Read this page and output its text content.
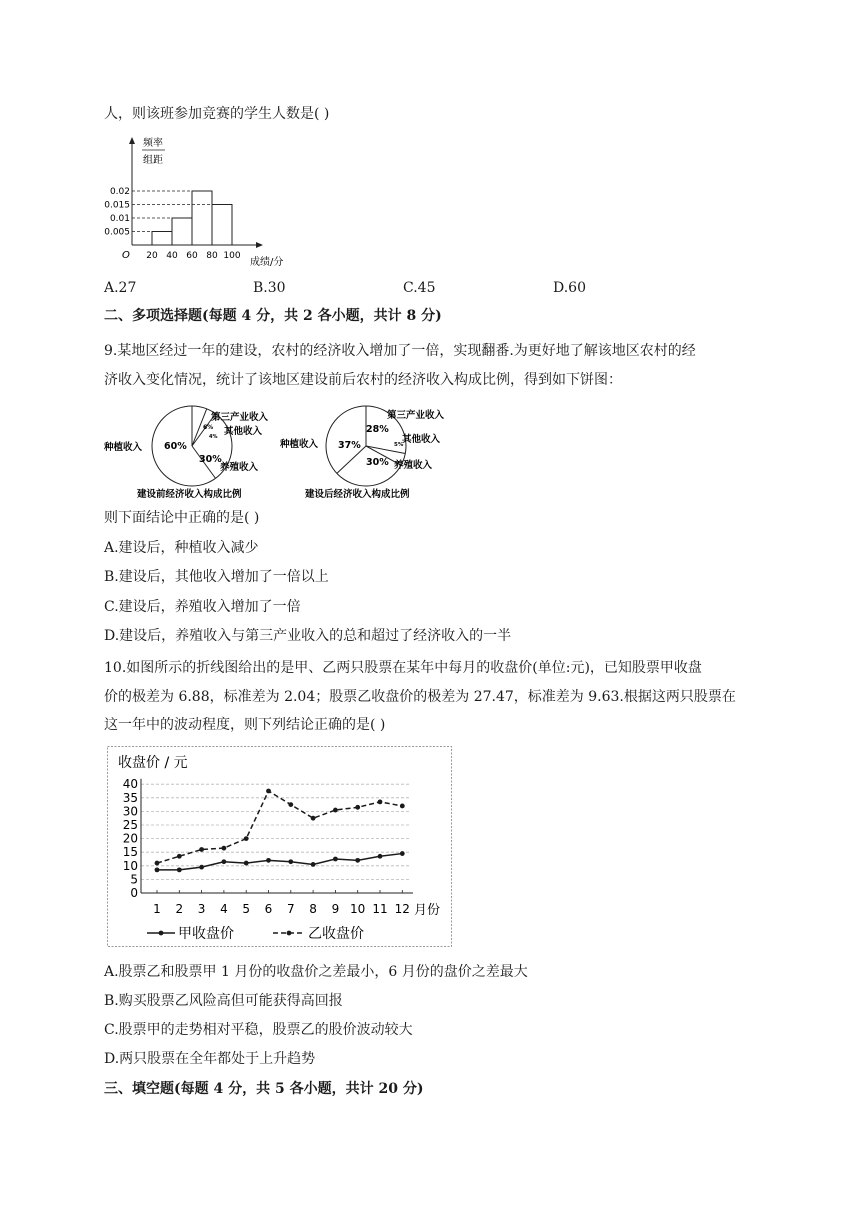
人，则该班参加竞赛的学生人数是( )
频率
组距
O
0.02
0.015
0.01
0.005
20 40 60 80 100
成绩/分
A.27	B.30	C.45	D.60
二、多项选择题(每题 4 分，共 2 各小题，共计 8 分)
9.某地区经过一年的建设，农村的经济收入增加了一倍，实现翻番.为更好地了解该地区农村的经
济收入变化情况，统计了该地区建设前后农村的经济收入构成比例，得到如下饼图：
种植收入 60%
第三产业收入
6% 其他收入
4%
30%
养殖收入
建设前经济收入构成比例
种植收入 37%
第三产业收入
28%
其他收入
5%
30% 养殖收入
建设后经济收入构成比例
则下面结论中正确的是( )
A.建设后，种植收入减少
B.建设后，其他收入增加了一倍以上
C.建设后，养殖收入增加了一倍
D.建设后，养殖收入与第三产业收入的总和超过了经济收入的一半
10.如图所示的折线图给出的是甲、乙两只股票在某年中每月的收盘价(单位:元)，已知股票甲收盘
价的极差为 6.88，标准差为 2.04；股票乙收盘价的极差为 27.47，标准差为 9.63.根据这两只股票在
这一年中的波动程度，则下列结论正确的是( )
收盘价 / 元
月份
0
5
10
15
20
25
30
35
40
1 2 3 4 5 6 7 8 9 10 11 12
甲收盘价	乙收盘价
A.股票乙和股票甲 1 月份的收盘价之差最小，6 月份的盘价之差最大
B.购买股票乙风险高但可能获得高回报
C.股票甲的走势相对平稳，股票乙的股价波动较大
D.两只股票在全年都处于上升趋势
三、填空题(每题 4 分，共 5 各小题，共计 20 分)
